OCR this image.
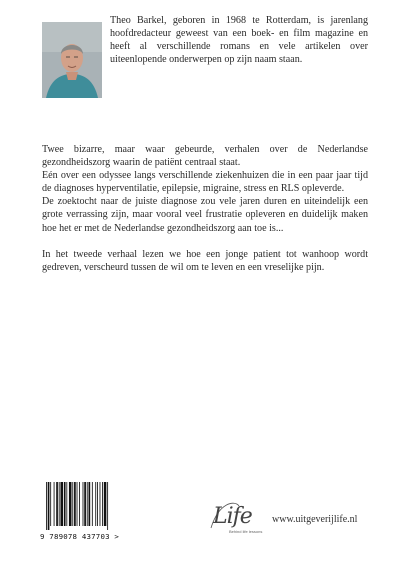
Theo Barkel, geboren in 1968 te Rotterdam, is jarenlang hoofdredacteur geweest van een boek- en film magazine en heeft al verschillende romans en vele artikelen over uiteenlopende onderwerpen op zijn naam staan.

Twee bizarre, maar waar gebeurde, verhalen over de Nederlandse gezondheidszorg waarin de patiënt centraal staat.

Eén over een odyssee langs verschillende ziekenhuizen die in een paar jaar tijd de diagnoses hyperventilatie, epilepsie, migraine, stress en RLS opleverde.

De zoektocht naar de juiste diagnose zou vele jaren duren en uiteindelijk een grote verrassing zijn, maar vooral veel frustratie opleveren en duidelijk maken hoe het er met de Nederlandse gezondheidszorg aan toe is...

In het tweede verhaal lezen we hoe een jonge patient tot wanhoop wordt gedreven, verscheurd tussen de wil om te leven en een vreselijke pijn.

9 789078 437703 >
Life
Behind life lessons
www.uitgeverijlife.nl
